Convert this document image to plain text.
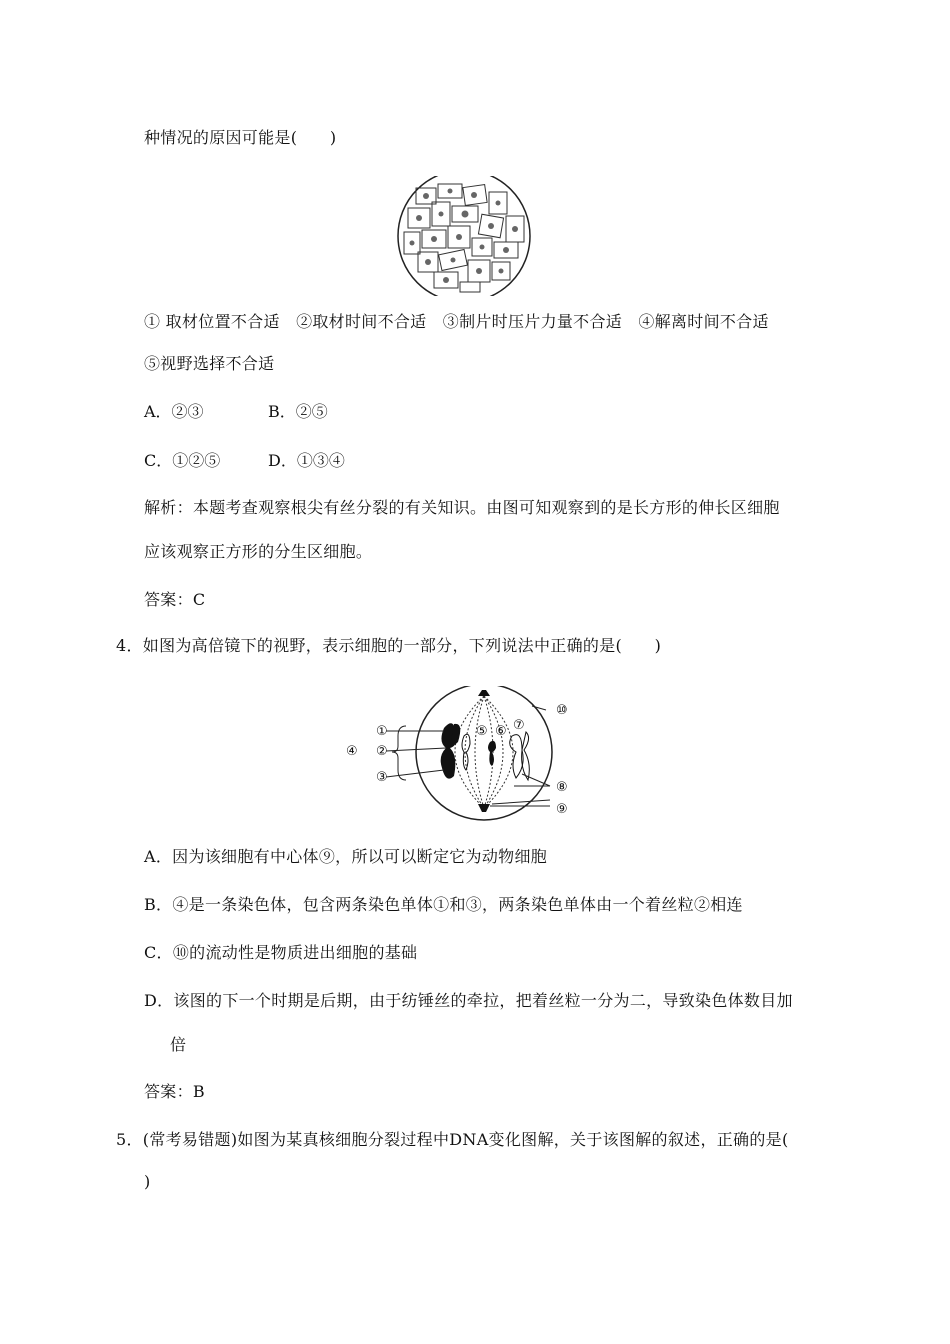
种情况的原因可能是(　　)
① 取材位置不合适　②取材时间不合适　③制片时压片力量不合适　④解离时间不合适
⑤视野选择不合适
A．②③	B．②⑤
C．①②⑤	D．①③④
解析：本题考查观察根尖有丝分裂的有关知识。由图可知观察到的是长方形的伸长区细胞
应该观察正方形的分生区细胞。
答案：C
4．如图为高倍镜下的视野，表示细胞的一部分，下列说法中正确的是(　　)
①
④ ②
③
⑤ ⑥ ⑦
⑩
⑧
⑨
A．因为该细胞有中心体⑨，所以可以断定它为动物细胞
B．④是一条染色体，包含两条染色单体①和③，两条染色单体由一个着丝粒②相连
C．⑩的流动性是物质进出细胞的基础
D．该图的下一个时期是后期，由于纺锤丝的牵拉，把着丝粒一分为二，导致染色体数目加
倍
答案：B
5．(常考易错题)如图为某真核细胞分裂过程中DNA变化图解，关于该图解的叙述，正确的是(
)
